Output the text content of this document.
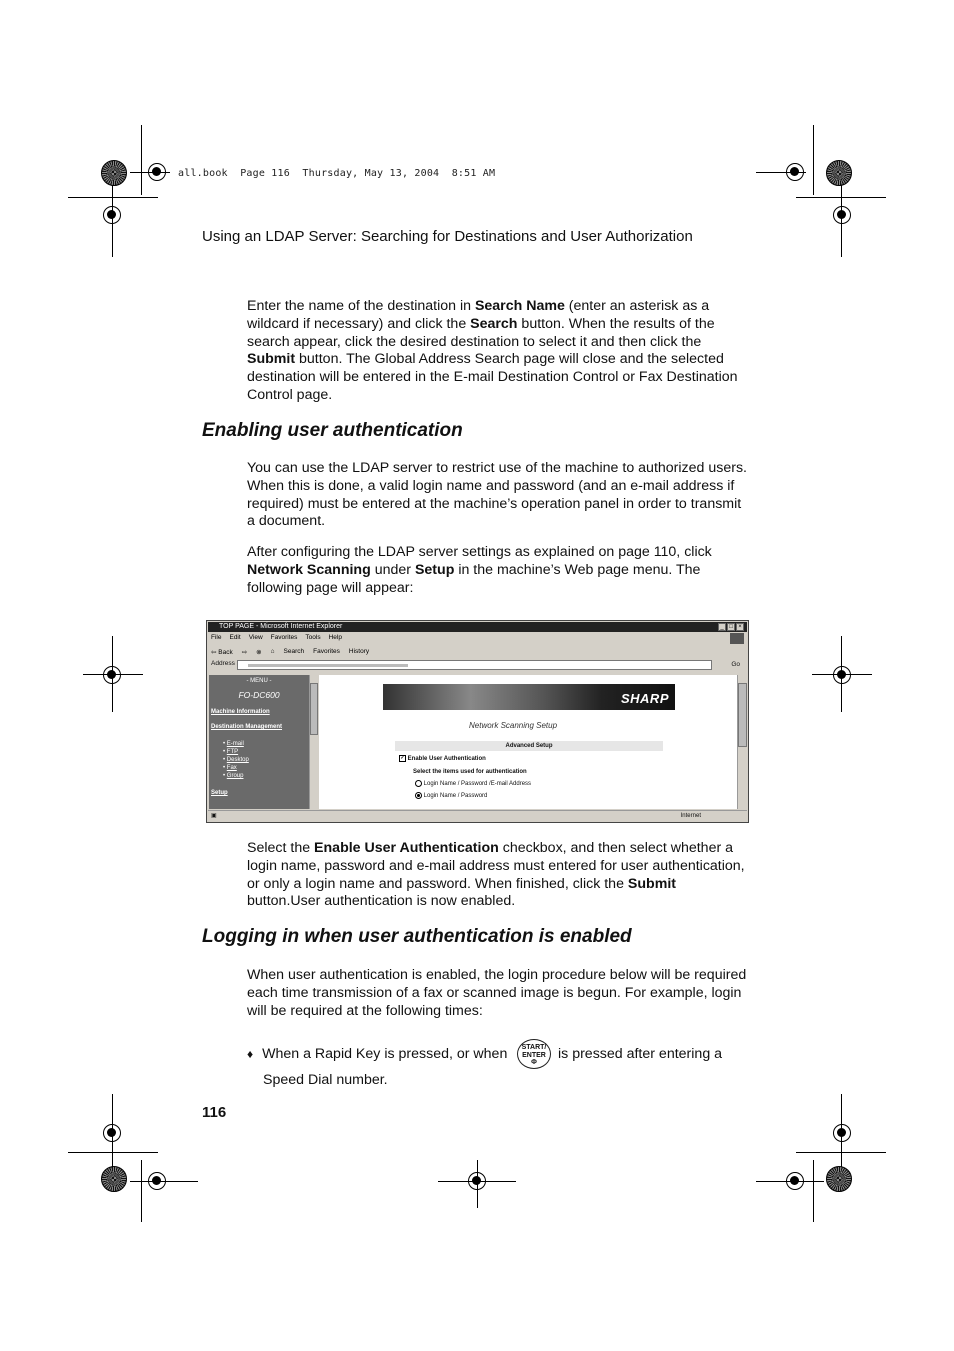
all.book  Page 116  Thursday, May 13, 2004  8:51 AM
Using an LDAP Server: Searching for Destinations and User Authorization
Enter the name of the destination in Search Name (enter an asterisk as a wildcard if necessary) and click the Search button. When the results of the search appear, click the desired destination to select it and then click the Submit button. The Global Address Search page will close and the selected destination will be entered in the E-mail Destination Control or Fax Destination Control page.
Enabling user authentication
You can use the LDAP server to restrict use of the machine to authorized users. When this is done, a valid login name and password (and an e-mail address if required) must be entered at the machine’s operation panel in order to transmit a document.
After configuring the LDAP server settings as explained on page 110, click Network Scanning under Setup in the machine’s Web page menu. The following page will appear:
TOP PAGE - Microsoft Internet Explorer	_ □ ×
File Edit View Favorites Tools Help
⇦ Back ⇨ ⊗ ⌂ Search Favorites History
Address	Go
- MENU -
FO-DC600
Machine Information
Destination Management
• E-mail
• FTP
• Desktop
• Fax
• Group
Setup
SHARP
Network Scanning Setup
Advanced Setup
✓ Enable User Authentication
Select the items used for authentication
Login Name / Password /E-mail Address
Login Name / Password
▣	Internet
Select the Enable User Authentication checkbox, and then select whether a login name, password and e-mail address must entered for user authentication, or only a login name and password. When finished, click the Submit button.User authentication is now enabled.
Logging in when user authentication is enabled
When user authentication is enabled, the login procedure below will be required each time transmission of a fax or scanned image is begun. For example, login will be required at the following times:
♦ When a Rapid Key is pressed, or when	START/
ENTER
Φ
is pressed after entering a
Speed Dial number.
116
